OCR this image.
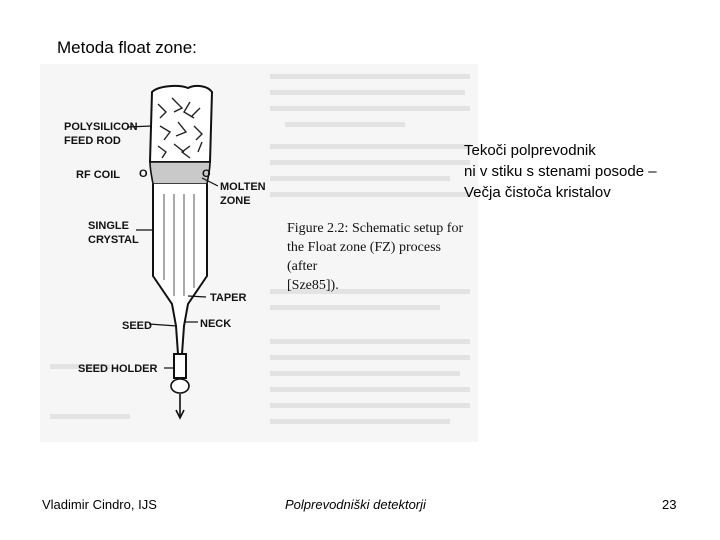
Metoda float zone:
POLYSILICON
FEED ROD
RF COIL O	O
MOLTEN
ZONE
SINGLE
CRYSTAL
TAPER
NECK
SEED
SEED HOLDER
Figure 2.2: Schematic setup for
the Float zone (FZ) process (after
[Sze85]).
Tekoči polprevodnik
ni v stiku s stenami posode –
Večja čistoča kristalov
Vladimir Cindro, IJS	Polprevodniški detektorji	23
